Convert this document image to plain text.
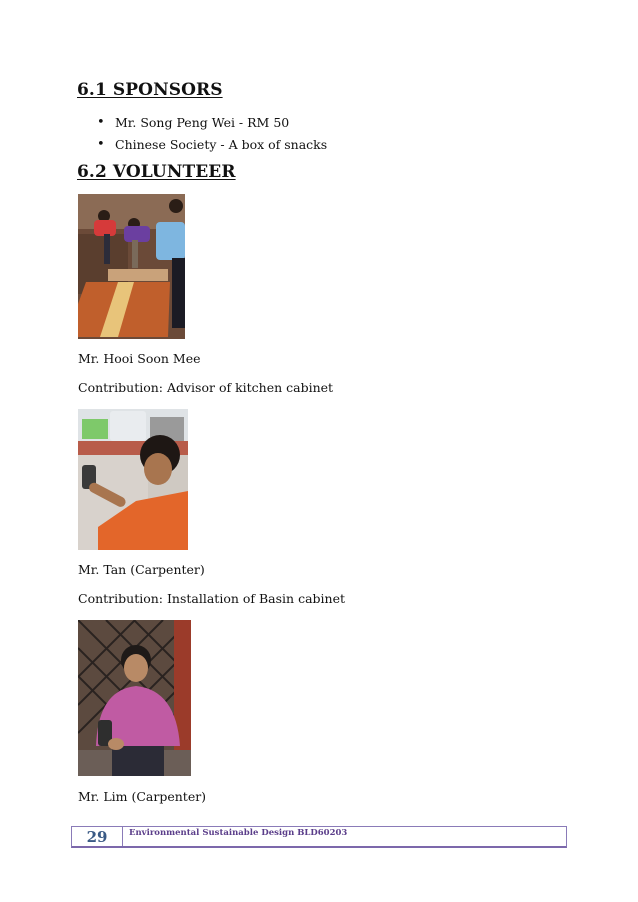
6.1 SPONSORS
• Mr. Song Peng Wei - RM 50
• Chinese Society - A box of snacks
6.2 VOLUNTEER

Mr. Hooi Soon Mee

Contribution: Advisor of kitchen cabinet

Mr. Tan (Carpenter)

Contribution: Installation of Basin cabinet

Mr. Lim (Carpenter)

29	Environmental Sustainable Design BLD60203
